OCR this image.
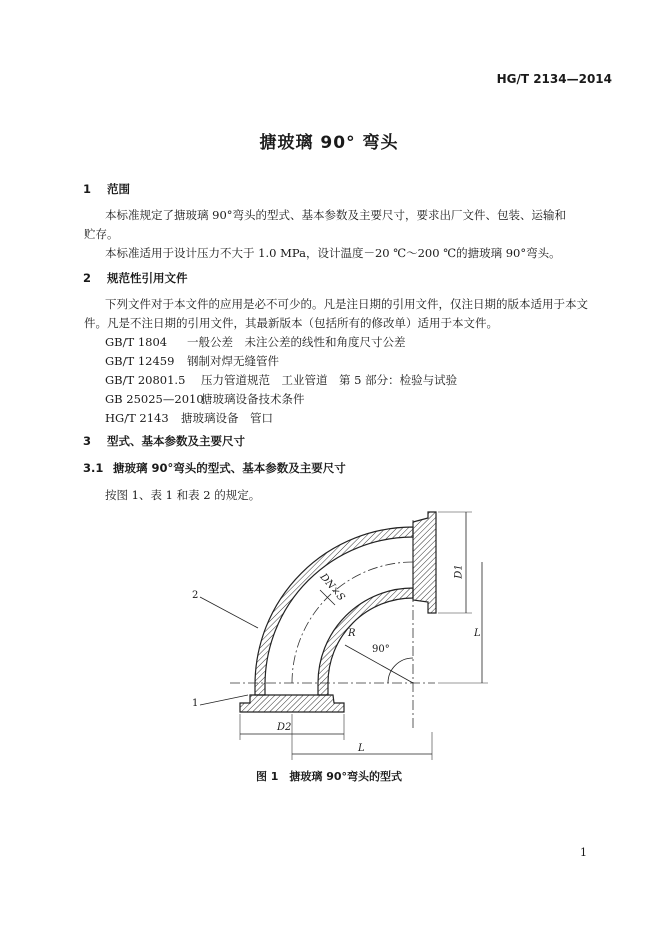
HG/T 2134—2014
搪玻璃 90° 弯头
1 范围
本标准规定了搪玻璃 90°弯头的型式、基本参数及主要尺寸，要求出厂文件、包装、运输和
贮存。
本标准适用于设计压力不大于 1.0 MPa，设计温度－20 ℃～200 ℃的搪玻璃 90°弯头。
2 规范性引用文件
下列文件对于本文件的应用是必不可少的。凡是注日期的引用文件，仅注日期的版本适用于本文
件。凡是不注日期的引用文件，其最新版本（包括所有的修改单）适用于本文件。
GB/T 1804 一般公差　未注公差的线性和角度尺寸公差
GB/T 12459 钢制对焊无缝管件
GB/T 20801.5 压力管道规范　工业管道　第 5 部分：检验与试验
GB 25025—2010搪玻璃设备技术条件
HG/T 2143 搪玻璃设备　管口
3 型式、基本参数及主要尺寸
3.1 搪玻璃 90°弯头的型式、基本参数及主要尺寸
按图 1、表 1 和表 2 的规定。
2
1
90°
R
DN×S
D1
L
D2
L
图 1　搪玻璃 90°弯头的型式
1
